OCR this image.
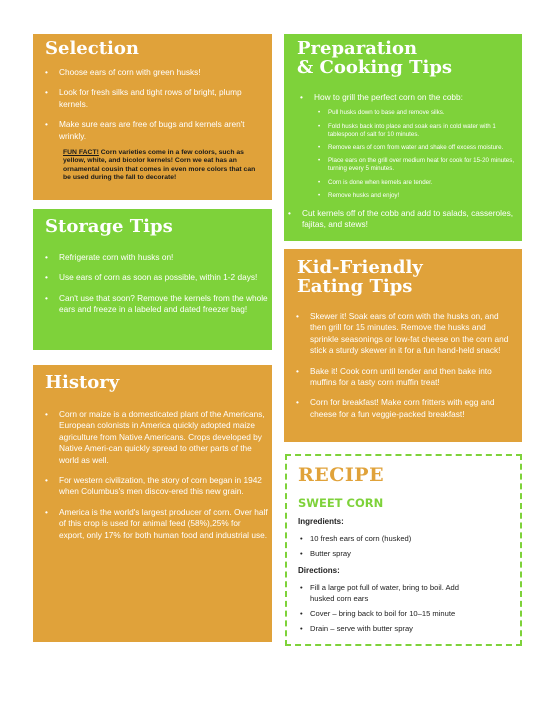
Selection
• Choose ears of corn with green husks!
• Look for fresh silks and tight rows of bright, plump kernels.
• Make sure ears are free of bugs and kernels aren't wrinkly.

FUN FACT! Corn varieties come in a few colors, such as yellow, white, and bicolor kernels! Corn we eat has an ornamental cousin that comes in even more colors that can be used during the fall to decorate!

Storage Tips
• Refrigerate corn with husks on!
• Use ears of corn as soon as possible, within 1-2 days!
• Can't use that soon? Remove the kernels from the whole ears and freeze in a labeled and dated freezer bag!
History
• Corn or maize is a domesticated plant of the Americans, European colonists in America quickly adopted maize agriculture from Native Americans. Crops developed by Native Ameri-can quickly spread to other parts of the world as well.
• For western civilization, the story of corn began in 1942 when Columbus's men discov-ered this new grain.
• America is the world's largest producer of corn. Over half of this crop is used for animal feed (58%),25% for export, only 17% for both human food and industrial use.
Preparation
& Cooking Tips
• How to grill the perfect corn on the cobb:
• Pull husks down to base and remove silks.
• Fold husks back into place and soak ears in cold water with 1 tablespoon of salt for 10 minutes.
• Remove ears of corn from water and shake off excess moisture.
• Place ears on the grill over medium heat for cook for 15-20 minutes, turning every 5 minutes.
• Corn is done when kernels are tender.
• Remove husks and enjoy!
• Cut kernels off of the cobb and add to salads, casseroles, fajitas, and stews!
Kid-Friendly
Eating Tips
• Skewer it! Soak ears of corn with the husks on, and then grill for 15 minutes. Remove the husks and sprinkle seasonings or low-fat cheese on the corn and stick a sturdy skewer in it for a fun hand-held snack!
• Bake it! Cook corn until tender and then bake into muffins for a tasty corn muffin treat!
• Corn for breakfast! Make corn fritters with egg and cheese for a fun veggie-packed breakfast!
RECIPE
SWEET CORN

Ingredients:

• 10 fresh ears of corn (husked)
• Butter spray

Directions:

• Fill a large pot full of water, bring to boil. Add husked corn ears
• Cover – bring back to boil for 10–15 minute
• Drain – serve with butter spray
